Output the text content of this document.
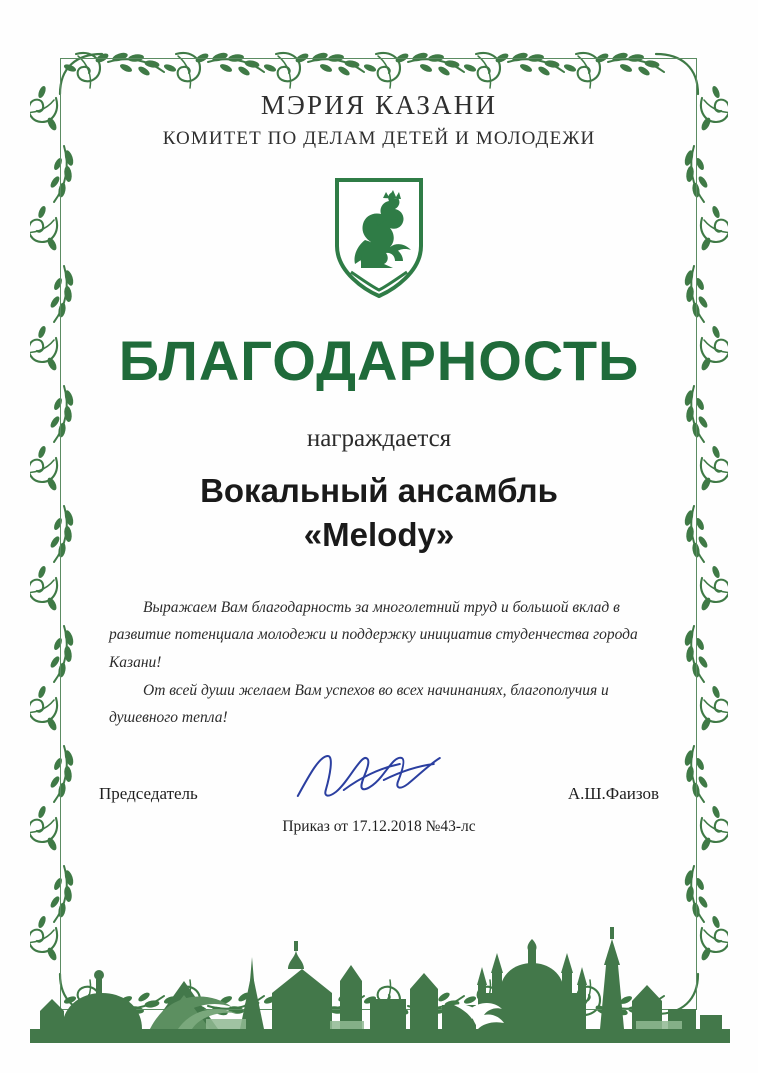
МЭРИЯ КАЗАНИ
КОМИТЕТ ПО ДЕЛАМ ДЕТЕЙ И МОЛОДЕЖИ
БЛАГОДАРНОСТЬ
награждается
Вокальный ансамбль
«Melody»

Выражаем Вам благодарность за многолетний труд и большой вклад в развитие потенциала молодежи и поддержку инициатив студенчества города Казани!

От всей души желаем Вам успехов во всех начинаниях, благополучия и душевного тепла!

Председатель	А.Ш.Фаизов
Приказ от 17.12.2018 №43-лс
